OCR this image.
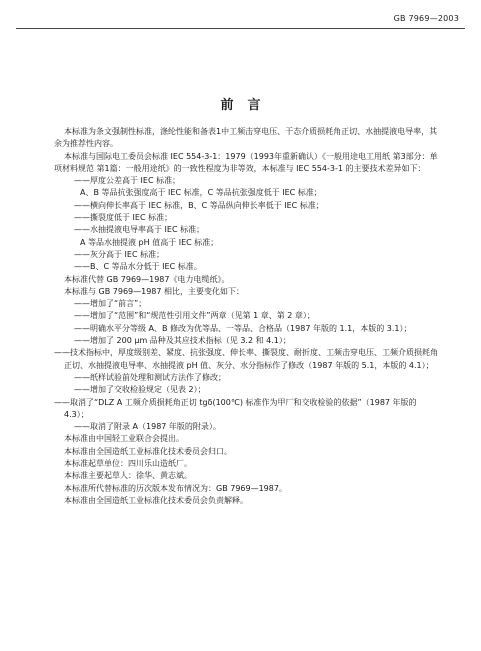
GB 7969—2003
前言

本标准为条文强制性标准，涤纶性能和备表1中工频击穿电压、干态介质损耗角正切、水抽提液电导率，其余为推荐性内容。

本标准与国际电工委员会标准 IEC 554-3-1：1979（1993年重新确认）《一般用途电工用纸 第3部分：单项材料规范 第1篇：一般用途纸》的一致性程度为非等效，本标准与 IEC 554-3-1 的主要技术差异如下：

——厚度公差高于 IEC 标准；

A、B 等品抗张强度高于 IEC 标准，C 等品抗张强度低于 IEC 标准；

——横向伸长率高于 IEC 标准，B、C 等品纵向伸长率低于 IEC 标准；

——撕裂度低于 IEC 标准；

——水抽提液电导率高于 IEC 标准；

A 等品水抽提液 pH 值高于 IEC 标准；

——灰分高于 IEC 标准；

——B、C 等品水分低于 IEC 标准。

本标准代替 GB 7969—1987《电力电缆纸》。

本标准与 GB 7969—1987 相比，主要变化如下：

——增加了“前言”；

——增加了“范围”和“规范性引用文件”两章（见第 1 章、第 2 章）；

——明确水平分等级 A、B 修改为优等品、一等品、合格品（1987 年版的 1.1，本版的 3.1）；

——增加了 200 μm 品种及其应技术指标（见 3.2 和 4.1）；

——技术指标中，厚度级别差、紧度、抗张强度、伸长率、撕裂度、耐折度、工频击穿电压、工频介质损耗角正切、水抽提液电导率、水抽提液 pH 值、灰分、水分指标作了修改（1987 年版的 5.1，本版的 4.1）；

——纸样试验前处理和测试方法作了修改；

——增加了交收检验规定（见表 2）；

——取消了“DLZ A 工频介质损耗角正切 tgδ(100℃) 标准作为甲厂和交收检验的依据”（1987 年版的 4.3）；

——取消了附录 A（1987 年版的附录）。

本标准由中国轻工业联合会提出。

本标准由全国造纸工业标准化技术委员会归口。

本标准起草单位：四川乐山造纸厂。

本标准主要起草人：徐华、黄志斌。

本标准所代替标准的历次版本发布情况为：GB 7969—1987。

本标准由全国造纸工业标准化技术委员会负责解释。
